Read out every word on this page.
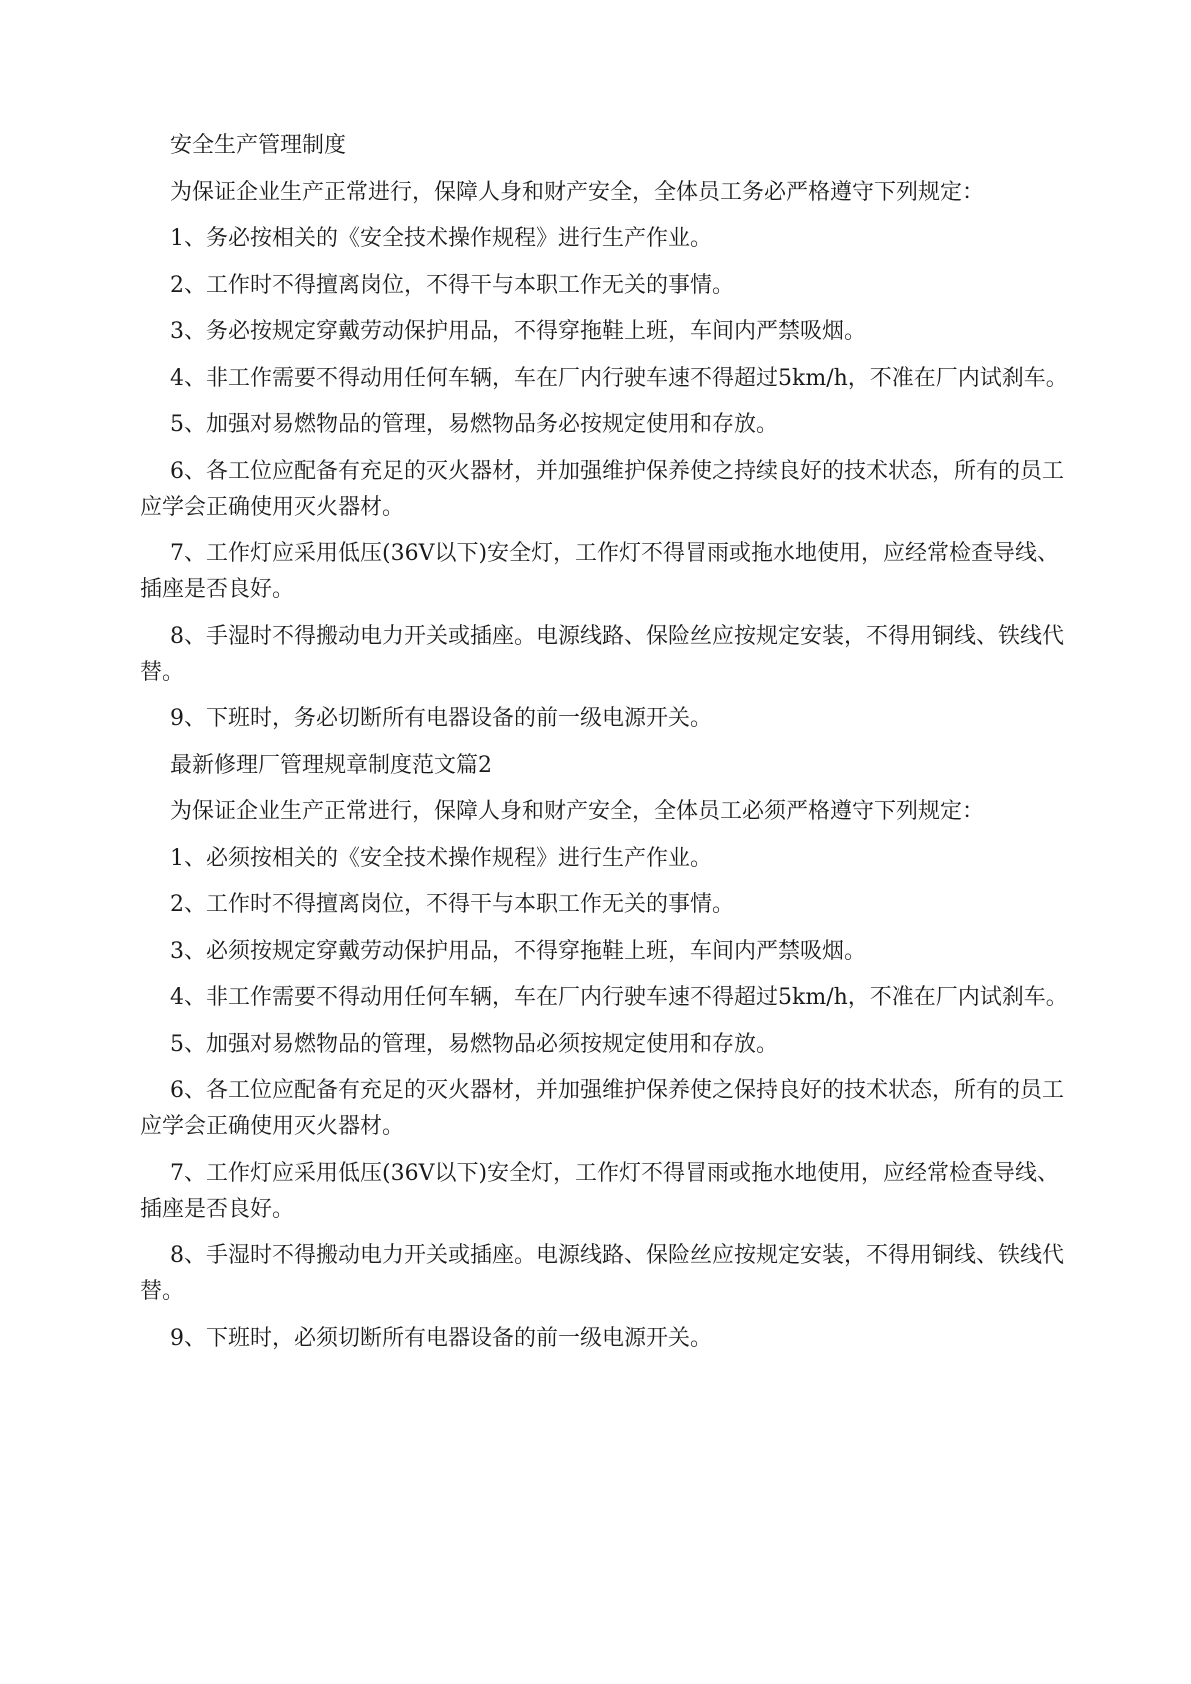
安全生产管理制度

为保证企业生产正常进行，保障人身和财产安全，全体员工务必严格遵守下列规定：

1、务必按相关的《安全技术操作规程》进行生产作业。

2、工作时不得擅离岗位，不得干与本职工作无关的事情。

3、务必按规定穿戴劳动保护用品，不得穿拖鞋上班，车间内严禁吸烟。

4、非工作需要不得动用任何车辆，车在厂内行驶车速不得超过5km/h，不准在厂内试刹车。

5、加强对易燃物品的管理，易燃物品务必按规定使用和存放。

6、各工位应配备有充足的灭火器材，并加强维护保养使之持续良好的技术状态，所有的员工应学会正确使用灭火器材。

7、工作灯应采用低压(36V以下)安全灯，工作灯不得冒雨或拖水地使用，应经常检查导线、插座是否良好。

8、手湿时不得搬动电力开关或插座。电源线路、保险丝应按规定安装，不得用铜线、铁线代替。

9、下班时，务必切断所有电器设备的前一级电源开关。

最新修理厂管理规章制度范文篇2

为保证企业生产正常进行，保障人身和财产安全，全体员工必须严格遵守下列规定：

1、必须按相关的《安全技术操作规程》进行生产作业。

2、工作时不得擅离岗位，不得干与本职工作无关的事情。

3、必须按规定穿戴劳动保护用品，不得穿拖鞋上班，车间内严禁吸烟。

4、非工作需要不得动用任何车辆，车在厂内行驶车速不得超过5km/h，不准在厂内试刹车。

5、加强对易燃物品的管理，易燃物品必须按规定使用和存放。

6、各工位应配备有充足的灭火器材，并加强维护保养使之保持良好的技术状态，所有的员工应学会正确使用灭火器材。

7、工作灯应采用低压(36V以下)安全灯，工作灯不得冒雨或拖水地使用，应经常检查导线、插座是否良好。

8、手湿时不得搬动电力开关或插座。电源线路、保险丝应按规定安装，不得用铜线、铁线代替。

9、下班时，必须切断所有电器设备的前一级电源开关。
